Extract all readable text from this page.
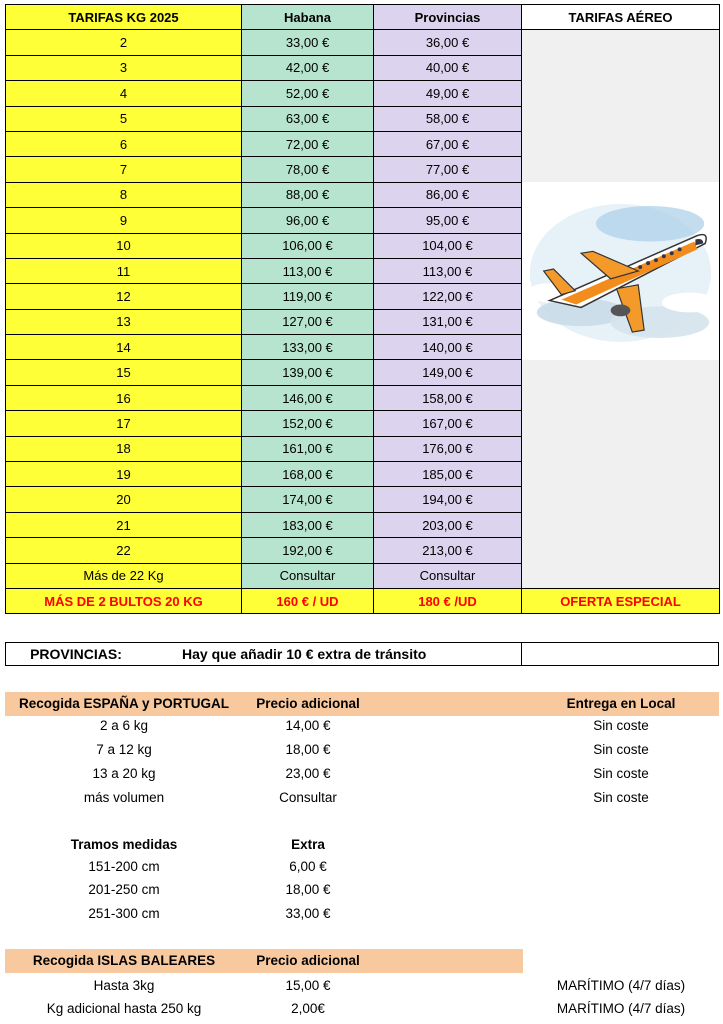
TARIFAS KG 2025	Habana	Provincias	TARIFAS AÉREO
2	33,00 €	36,00 €	
3	42,00 €	40,00 €	
4	52,00 €	49,00 €	
5	63,00 €	58,00 €	
6	72,00 €	67,00 €	
7	78,00 €	77,00 €	
8	88,00 €	86,00 €	

9	96,00 €	95,00 €	
10	106,00 €	104,00 €	
11	113,00 €	113,00 €	
12	119,00 €	122,00 €	
13	127,00 €	131,00 €	
14	133,00 €	140,00 €	
15	139,00 €	149,00 €	
16	146,00 €	158,00 €	
17	152,00 €	167,00 €	
18	161,00 €	176,00 €	
19	168,00 €	185,00 €	
20	174,00 €	194,00 €	
21	183,00 €	203,00 €	
22	192,00 €	213,00 €	
Más de 22 Kg	Consultar	Consultar	
MÁS DE 2 BULTOS 20 KG	160 € / UD	180 € /UD	OFERTA ESPECIAL
PROVINCIAS:	Hay que añadir 10 € extra de tránsito
Recogida ESPAÑA y PORTUGAL	Precio adicional	Entrega en Local
2 a 6 kg	14,00 €	Sin coste
7 a 12 kg	18,00 €	Sin coste
13 a 20 kg	23,00 €	Sin coste
más volumen	Consultar	Sin coste
Tramos medidas	Extra
151-200 cm	6,00 €
201-250 cm	18,00 €
251-300 cm	33,00 €
Recogida ISLAS BALEARES	Precio adicional
Hasta 3kg	15,00 €	MARÍTIMO (4/7 días)
Kg adicional hasta 250 kg	2,00€	MARÍTIMO (4/7 días)
